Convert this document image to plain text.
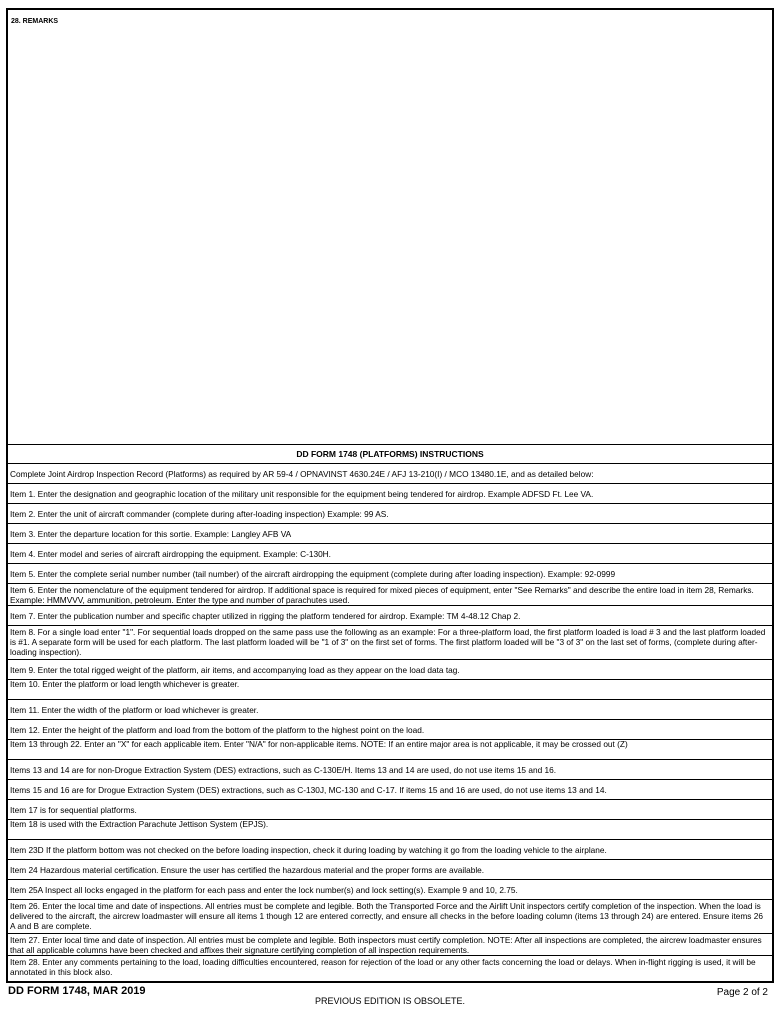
28. REMARKS
DD FORM 1748 (PLATFORMS) INSTRUCTIONS
Complete Joint Airdrop Inspection Record (Platforms) as required by AR 59-4 / OPNAVINST 4630.24E / AFJ 13-210(I) / MCO 13480.1E, and as detailed below:
Item 1. Enter the designation and geographic location of the military unit responsible for the equipment being tendered for airdrop. Example ADFSD Ft. Lee VA.
Item 2. Enter the unit of aircraft commander (complete during after-loading inspection) Example: 99 AS.
Item 3. Enter the departure location for this sortie. Example: Langley AFB VA
Item 4. Enter model and series of aircraft airdropping the equipment. Example: C-130H.
Item 5. Enter the complete serial number number (tail number) of the aircraft airdropping the equipment (complete during after loading inspection). Example: 92-0999
Item 6. Enter the nomenclature of the equipment tendered for airdrop. If additional space is required for mixed pieces of equipment, enter "See Remarks" and describe the entire load in item 28, Remarks. Example: HMMVVV, ammunition, petroleum. Enter the type and number of parachutes used.
Item 7. Enter the publication number and specific chapter utilized in rigging the platform tendered for airdrop. Example: TM 4-48.12 Chap 2.
Item 8. For a single load enter "1". For sequential loads dropped on the same pass use the following as an example: For a three-platform load, the first platform loaded is load # 3 and the last platform loaded is #1. A separate form will be used for each platform. The last platform loaded will be "1 of 3" on the first set of forms. The first platform loaded will be "3 of 3" on the last set of forms, (complete during after-loading inspection).
Item 9. Enter the total rigged weight of the platform, air items, and accompanying load as they appear on the load data tag.
Item 10. Enter the platform or load length whichever is greater.
Item 11. Enter the width of the platform or load whichever is greater.
Item 12. Enter the height of the platform and load from the bottom of the platform to the highest point on the load.
Item 13 through 22. Enter an "X" for each applicable item. Enter "N/A" for non-applicable items. NOTE: If an entire major area is not applicable, it may be crossed out (Z)
Items 13 and 14 are for non-Drogue Extraction System (DES) extractions, such as C-130E/H. Items 13 and 14 are used, do not use items 15 and 16.
Items 15 and 16 are for Drogue Extraction System (DES) extractions, such as C-130J, MC-130 and C-17. If items 15 and 16 are used, do not use items 13 and 14.
Item 17 is for sequential platforms.
Item 18 is used with the Extraction Parachute Jettison System (EPJS).
Item 23D If the platform bottom was not checked on the before loading inspection, check it during loading by watching it go from the loading vehicle to the airplane.
Item 24 Hazardous material certification. Ensure the user has certified the hazardous material and the proper forms are available.
Item 25A Inspect all locks engaged in the platform for each pass and enter the lock number(s) and lock setting(s). Example 9 and 10, 2.75.
Item 26. Enter the local time and date of inspections. All entries must be complete and legible. Both the Transported Force and the Airlift Unit inspectors certify completion of the inspection. When the load is delivered to the aircraft, the aircrew loadmaster will ensure all items 1 though 12 are entered correctly, and ensure all checks in the before loading column (items 13 through 24) are entered. Ensure items 26 A and B are complete.
Item 27. Enter local time and date of inspection. All entries must be complete and legible. Both inspectors must certify completion. NOTE: After all inspections are completed, the aircrew loadmaster ensures that all applicable columns have been checked and affixes their signature certifying completion of all inspection requirements.
Item 28. Enter any comments pertaining to the load, loading difficulties encountered, reason for rejection of the load or any other facts concerning the load or delays. When in-flight rigging is used, it will be annotated in this block also.
DD FORM 1748, MAR 2019
PREVIOUS EDITION IS OBSOLETE.
Page 2 of 2
